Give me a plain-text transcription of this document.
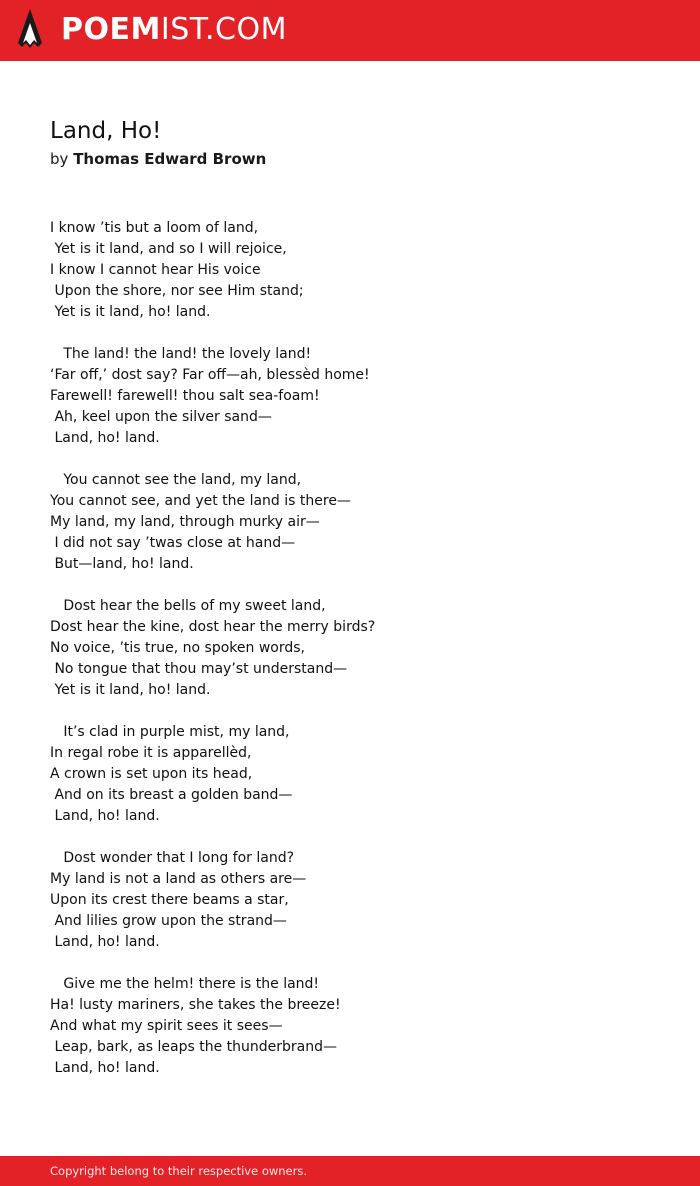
POEMIST.COM
Land, Ho!
by Thomas Edward Brown
I know ’tis but a loom of land,
Yet is it land, and so I will rejoice,
I know I cannot hear His voice
Upon the shore, nor see Him stand;
Yet is it land, ho! land.
The land! the land! the lovely land!
‘Far off,’ dost say? Far off—ah, blessèd home!
Farewell! farewell! thou salt sea-foam!
Ah, keel upon the silver sand—
Land, ho! land.
You cannot see the land, my land,
You cannot see, and yet the land is there—
My land, my land, through murky air—
I did not say ’twas close at hand—
But—land, ho! land.
Dost hear the bells of my sweet land,
Dost hear the kine, dost hear the merry birds?
No voice, ’tis true, no spoken words,
No tongue that thou may’st understand—
Yet is it land, ho! land.
It’s clad in purple mist, my land,
In regal robe it is apparellèd,
A crown is set upon its head,
And on its breast a golden band—
Land, ho! land.
Dost wonder that I long for land?
My land is not a land as others are—
Upon its crest there beams a star,
And lilies grow upon the strand—
Land, ho! land.
Give me the helm! there is the land!
Ha! lusty mariners, she takes the breeze!
And what my spirit sees it sees—
Leap, bark, as leaps the thunderbrand—
Land, ho! land.
Copyright belong to their respective owners.
